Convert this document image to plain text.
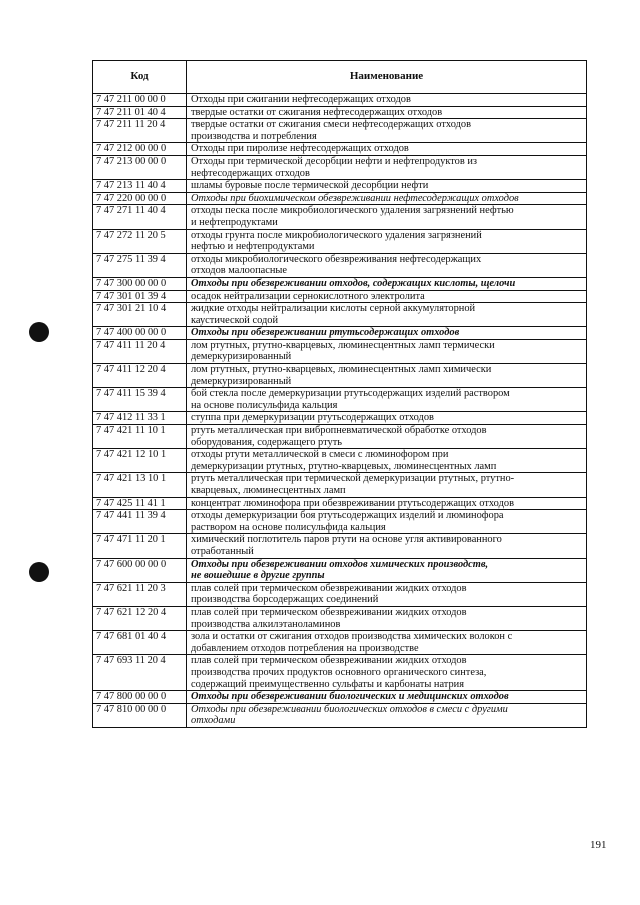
Код	Наименование
7 47 211 00 00 0	Отходы при сжигании нефтесодержащих отходов

7 47 211 01 40 4	твердые остатки от сжигания нефтесодержащих отходов

7 47 211 11 20 4	твердые остатки от сжигания смеси нефтесодержащих отходов
производства и потребления

7 47 212 00 00 0	Отходы при пиролизе нефтесодержащих отходов

7 47 213 00 00 0	Отходы при термической десорбции нефти и нефтепродуктов из
нефтесодержащих отходов

7 47 213 11 40 4	шламы буровые после термической десорбции нефти

7 47 220 00 00 0	Отходы при биохимическом обезвреживании нефтесодержащих отходов

7 47 271 11 40 4	отходы песка после микробиологического удаления загрязнений нефтью
и нефтепродуктами

7 47 272 11 20 5	отходы грунта после микробиологического удаления загрязнений
нефтью и нефтепродуктами

7 47 275 11 39 4	отходы микробиологического обезвреживания нефтесодержащих
отходов малоопасные

7 47 300 00 00 0	Отходы при обезвреживании отходов, содержащих кислоты, щелочи

7 47 301 01 39 4	осадок нейтрализации сернокислотного электролита

7 47 301 21 10 4	жидкие отходы нейтрализации кислоты серной аккумуляторной
каустической содой

7 47 400 00 00 0	Отходы при обезвреживании ртутьсодержащих отходов

7 47 411 11 20 4	лом ртутных, ртутно-кварцевых, люминесцентных ламп термически
демеркуризированный

7 47 411 12 20 4	лом ртутных, ртутно-кварцевых, люминесцентных ламп химически
демеркуризированный

7 47 411 15 39 4	бой стекла после демеркуризации ртутьсодержащих изделий раствором
на основе полисульфида кальция

7 47 412 11 33 1	ступпа при демеркуризации ртутьсодержащих отходов

7 47 421 11 10 1	ртуть металлическая при вибропневматической обработке отходов
оборудования, содержащего ртуть

7 47 421 12 10 1	отходы ртути металлической в смеси с люминофором при
демеркуризации ртутных, ртутно-кварцевых, люминесцентных ламп

7 47 421 13 10 1	ртуть металлическая при термической демеркуризации ртутных, ртутно-
кварцевых, люминесцентных ламп

7 47 425 11 41 1	концентрат люминофора при обезвреживании ртутьсодержащих отходов

7 47 441 11 39 4	отходы демеркуризации боя ртутьсодержащих изделий и люминофора
раствором на основе полисульфида кальция

7 47 471 11 20 1	химический поглотитель паров ртути на основе угля активированного
отработанный

7 47 600 00 00 0	Отходы при обезвреживании отходов химических производств,
не вошедшие в другие группы

7 47 621 11 20 3	плав солей при термическом обезвреживании жидких отходов
производства борсодержащих соединений

7 47 621 12 20 4	плав солей при термическом обезвреживании жидких отходов
производства алкилэтаноламинов

7 47 681 01 40 4	зола и остатки от сжигания отходов производства химических волокон с
добавлением отходов потребления на производстве

7 47 693 11 20 4	плав солей при термическом обезвреживании жидких отходов
производства прочих продуктов основного органического синтеза,
содержащий преимущественно сульфаты и карбонаты натрия

7 47 800 00 00 0	Отходы при обезвреживании биологических и медицинских отходов

7 47 810 00 00 0	Отходы при обезвреживании биологических отходов в смеси с другими
отходами
191
